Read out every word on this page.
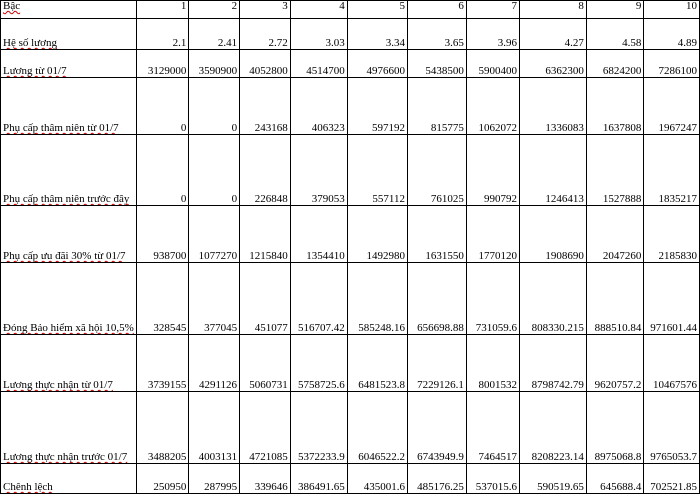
Bậc	1	2	3	4	5	6	7	8	9	10
Hệ số lương	2.1	2.41	2.72	3.03	3.34	3.65	3.96	4.27	4.58	4.89
Lương từ 01/7	3129000	3590900	4052800	4514700	4976600	5438500	5900400	6362300	6824200	7286100
Phụ cấp thâm niên từ 01/7	0	0	243168	406323	597192	815775	1062072	1336083	1637808	1967247
Phụ cấp thâm niên trước đây	0	0	226848	379053	557112	761025	990792	1246413	1527888	1835217
Phụ cấp ưu đãi 30% từ 01/7	938700	1077270	1215840	1354410	1492980	1631550	1770120	1908690	2047260	2185830
Đóng Bảo hiểm xã hội 10,5%	328545	377045	451077	516707.42	585248.16	656698.88	731059.6	808330.215	888510.84	971601.44
Lương thực nhận từ 01/7	3739155	4291126	5060731	5758725.6	6481523.8	7229126.1	8001532	8798742.79	9620757.2	10467576
Lương thực nhận trước 01/7	3488205	4003131	4721085	5372233.9	6046522.2	6743949.9	7464517	8208223.14	8975068.8	9765053.7
Chênh lệch	250950	287995	339646	386491.65	435001.6	485176.25	537015.6	590519.65	645688.4	702521.85
